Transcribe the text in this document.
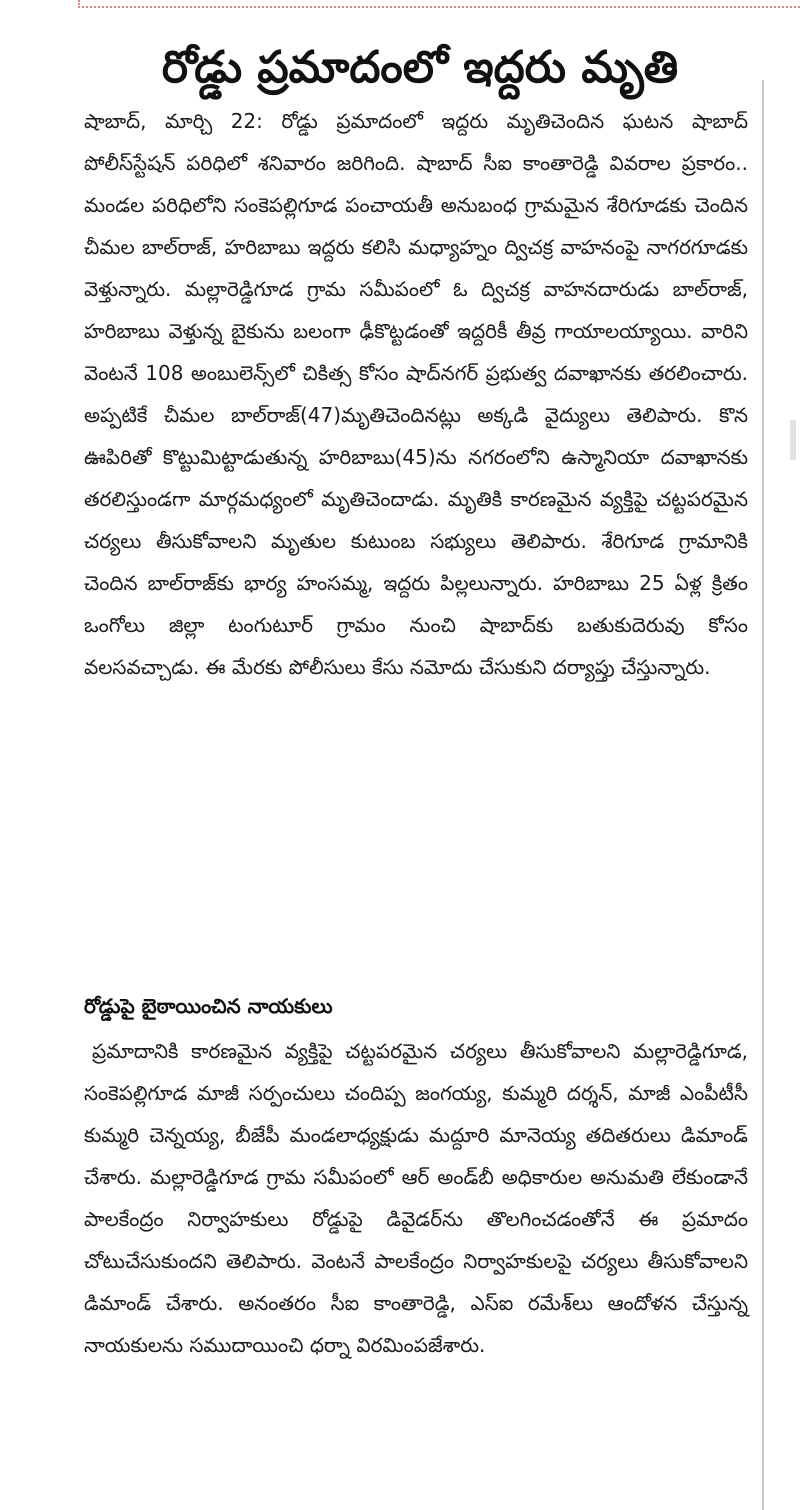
రోడ్డు ప్రమాదంలో ఇద్దరు మృతి

షాబాద్, మార్చి 22: రోడ్డు ప్రమాదంలో ఇద్దరు మృతిచెందిన ఘటన షాబాద్ పోలీస్‌స్టేషన్ పరిధిలో శనివారం జరిగింది. షాబాద్ సీఐ కాంతారెడ్డి వివరాల ప్రకారం.. మండల పరిధిలోని సంకెపల్లిగూడ పంచాయతీ అనుబంధ గ్రామమైన శేరిగూడకు చెందిన చీమల బాల్‌రాజ్, హరిబాబు ఇద్దరు కలిసి మధ్యాహ్నం ద్విచక్ర వాహనంపై నాగరగూడకు వెళ్తున్నారు. మల్లారెడ్డిగూడ గ్రామ సమీపంలో ఓ ద్విచక్ర వాహనదారుడు బాల్‌రాజ్, హరిబాబు వెళ్తున్న బైకును బలంగా ఢీకొట్టడంతో ఇద్దరికీ తీవ్ర గాయాలయ్యాయి. వారిని వెంటనే 108 అంబులెన్స్‌లో చికిత్స కోసం షాద్‌నగర్ ప్రభుత్వ దవాఖానకు తరలించారు. అప్పటికే చీమల బాల్‌రాజ్(47)మృతిచెందినట్లు అక్కడి వైద్యులు తెలిపారు. కొన ఊపిరితో కొట్టుమిట్టాడుతున్న హరిబాబు(45)ను నగరంలోని ఉస్మానియా దవాఖానకు తరలిస్తుండగా మార్గమధ్యంలో మృతిచెందాడు. మృతికి కారణమైన వ్యక్తిపై చట్టపరమైన చర్యలు తీసుకోవాలని మృతుల కుటుంబ సభ్యులు తెలిపారు. శేరిగూడ గ్రామానికి చెందిన బాల్‌రాజ్‌కు భార్య హంసమ్మ, ఇద్దరు పిల్లలున్నారు. హరిబాబు 25 ఏళ్ల క్రితం ఒంగోలు జిల్లా టంగుటూర్ గ్రామం నుంచి షాబాద్‌కు బతుకుదెరువు కోసం వలసవచ్చాడు. ఈ మేరకు పోలీసులు కేసు నమోదు చేసుకుని దర్యాప్తు చేస్తున్నారు.

రోడ్డుపై బైఠాయించిన నాయకులు

ప్రమాదానికి కారణమైన వ్యక్తిపై చట్టపరమైన చర్యలు తీసుకోవాలని మల్లారెడ్డిగూడ, సంకెపల్లిగూడ మాజీ సర్పంచులు చందిప్ప జంగయ్య, కుమ్మరి దర్శన్, మాజీ ఎంపీటీసీ కుమ్మరి చెన్నయ్య, బీజేపీ మండలాధ్యక్షుడు మద్దూరి మానెయ్య తదితరులు డిమాండ్ చేశారు. మల్లారెడ్డిగూడ గ్రామ సమీపంలో ఆర్ అండ్‌బీ అధికారుల అనుమతి లేకుండానే పాలకేంద్రం నిర్వాహకులు రోడ్డుపై డివైడర్‌ను తొలగించడంతోనే ఈ ప్రమాదం చోటుచేసుకుందని తెలిపారు. వెంటనే పాలకేంద్రం నిర్వాహకులపై చర్యలు తీసుకోవాలని డిమాండ్ చేశారు. అనంతరం సీఐ కాంతారెడ్డి, ఎస్ఐ రమేశ్‌లు ఆందోళన చేస్తున్న నాయకులను సముదాయించి ధర్నా విరమింపజేశారు.
